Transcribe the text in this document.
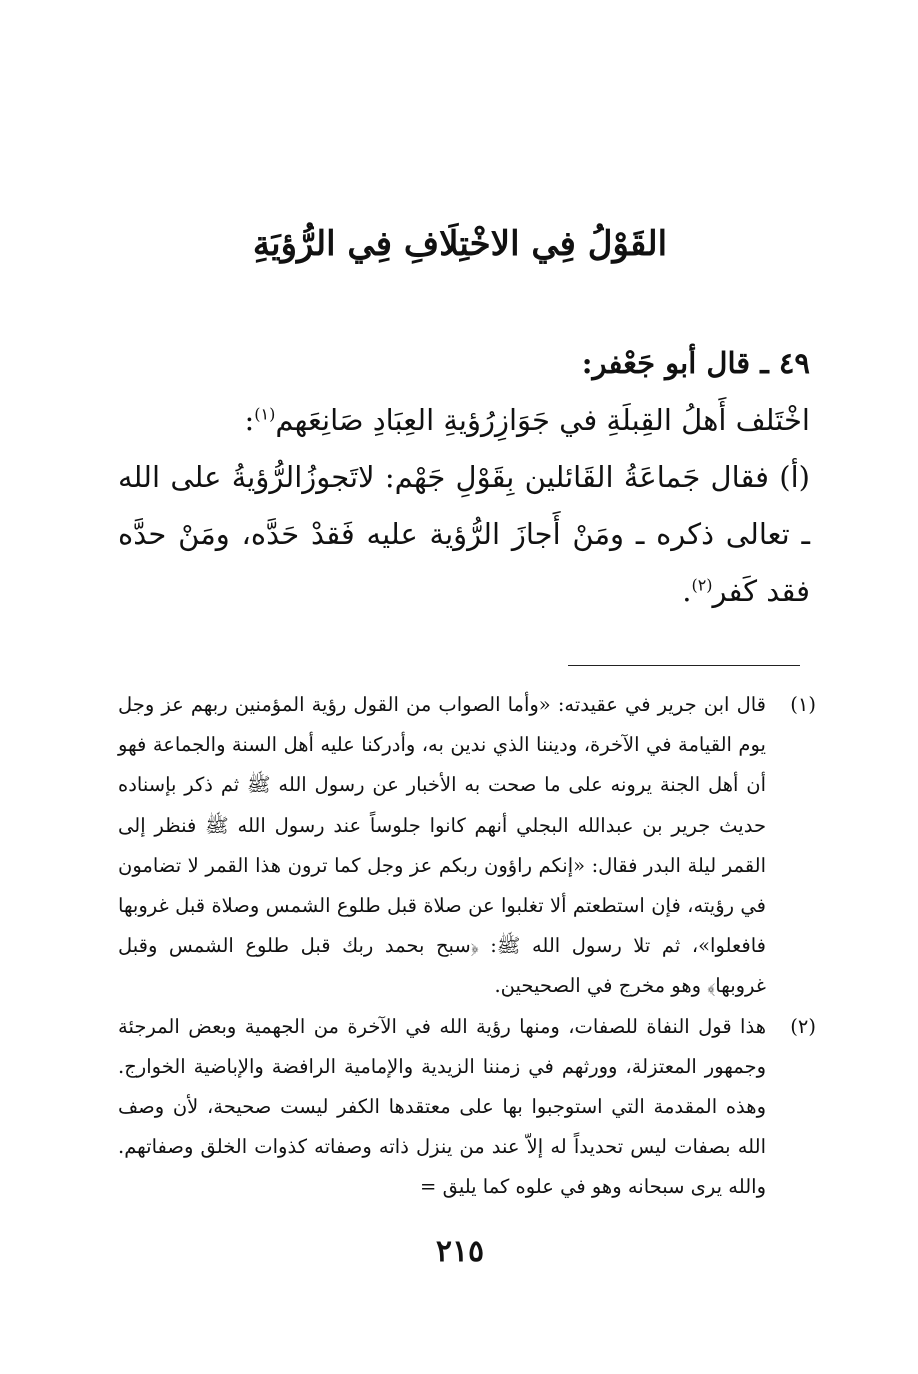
القَوْلُ فِي الاخْتِلَافِ فِي الرُّؤيَةِ

٤٩ ـ قال أبو جَعْفر:

اخْتَلف أَهلُ القِبلَةِ في جَوَازِرُؤيةِ العِبَادِ صَانِعَهم$^{(١)}$:

(أ) فقال جَماعَةُ القَائلين بِقَوْلِ جَهْم: لاتَجوزُالرُّؤيةُ على الله ـ تعالى ذكره ـ ومَنْ أَجازَ الرُّؤية عليه فَقدْ حَدَّه، ومَنْ حدَّه فقد كَفر$^{(٢)}$.

(١)
قال ابن جرير في عقيدته: «وأما الصواب من القول رؤية المؤمنين ربهم عز وجل يوم القيامة في الآخرة، وديننا الذي ندين به، وأدركنا عليه أهل السنة والجماعة فهو أن أهل الجنة يرونه على ما صحت به الأخبار عن رسول الله ﷺ ثم ذكر بإسناده حديث جرير بن عبدالله البجلي أنهم كانوا جلوساً عند رسول الله ﷺ فنظر إلى القمر ليلة البدر فقال: «إنكم راؤون ربكم عز وجل كما ترون هذا القمر لا تضامون في رؤيته، فإن استطعتم ألا تغلبوا عن صلاة قبل طلوع الشمس وصلاة قبل غروبها فافعلوا»، ثم تلا رسول الله ﷺ: ﴿سبح بحمد ربك قبل طلوع الشمس وقبل غروبها﴾ وهو مخرج في الصحيحين.
(٢)
هذا قول النفاة للصفات، ومنها رؤية الله في الآخرة من الجهمية وبعض المرجئة وجمهور المعتزلة، وورثهم في زمننا الزيدية والإمامية الرافضة والإباضية الخوارج. وهذه المقدمة التي استوجبوا بها على معتقدها الكفر ليست صحيحة، لأن وصف الله بصفات ليس تحديداً له إلاّ عند من ينزل ذاته وصفاته كذوات الخلق وصفاتهم. والله يرى سبحانه وهو في علوه كما يليق =
٢١٥
